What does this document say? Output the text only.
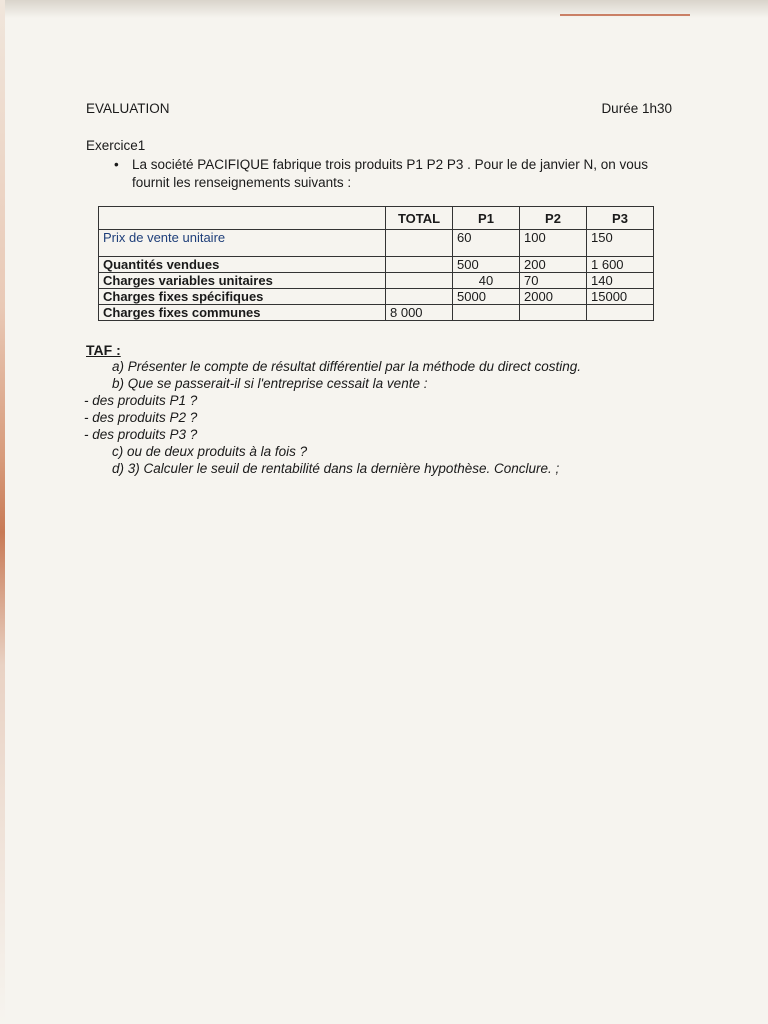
EVALUATION	Durée 1h30
Exercice1
• La société PACIFIQUE fabrique trois produits P1 P2 P3 . Pour le de janvier N, on vous fournit les renseignements suivants :
	TOTAL	P1	P2	P3
Prix de vente unitaire		60	100	150
Quantités vendues		500	200	1 600
Charges variables unitaires		40	70	140
Charges fixes spécifiques		5000	2000	15000
Charges fixes communes	8 000			
TAF :
a) Présenter le compte de résultat différentiel par la méthode du direct costing.
b) Que se passerait-il si l'entreprise cessait la vente :
- des produits P1 ?
- des produits P2 ?
- des produits P3 ?
c) ou de deux produits à la fois ?
d) 3) Calculer le seuil de rentabilité dans la dernière hypothèse. Conclure. ;
